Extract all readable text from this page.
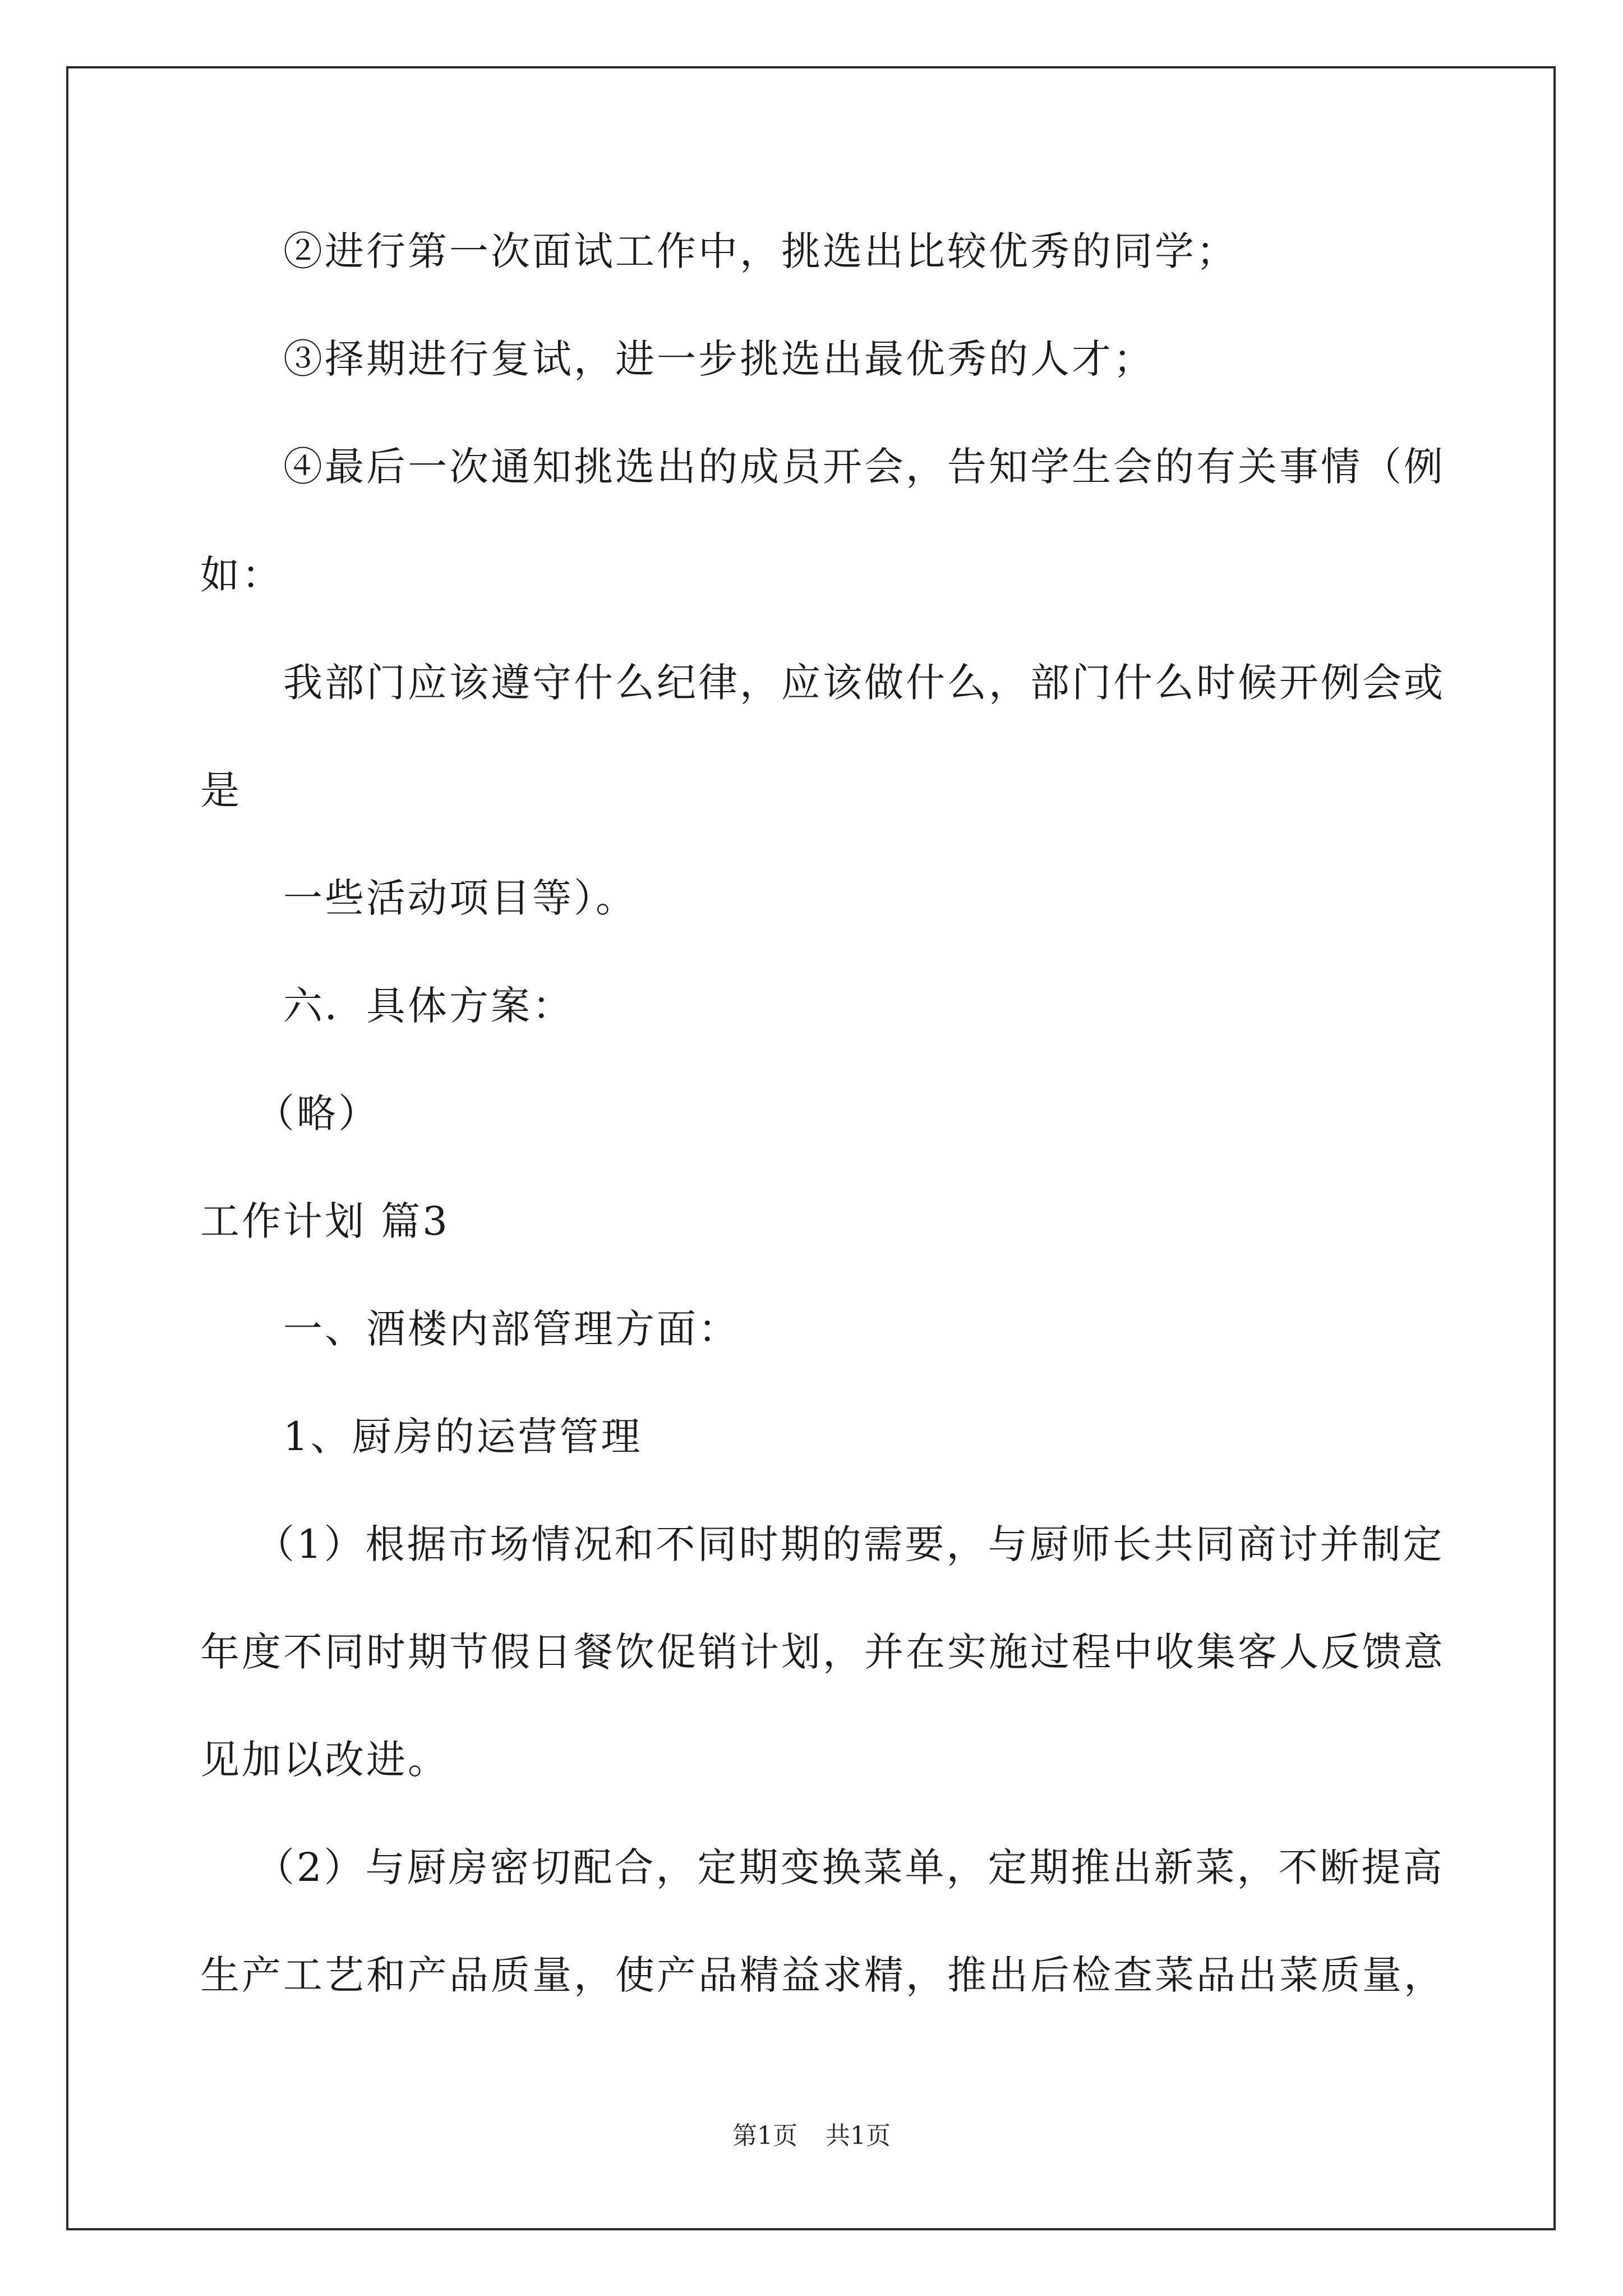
②进行第一次面试工作中，挑选出比较优秀的同学；
③择期进行复试，进一步挑选出最优秀的人才；
④最后一次通知挑选出的成员开会，告知学生会的有关事情（例
如：
我部门应该遵守什么纪律，应该做什么，部门什么时候开例会或
是
一些活动项目等）。
六．具体方案：
（略）
工作计划 篇3
一、酒楼内部管理方面：
1、厨房的运营管理
（1）根据市场情况和不同时期的需要，与厨师长共同商讨并制定
年度不同时期节假日餐饮促销计划，并在实施过程中收集客人反馈意
见加以改进。
（2）与厨房密切配合，定期变换菜单，定期推出新菜，不断提高
生产工艺和产品质量，使产品精益求精，推出后检查菜品出菜质量，
第1页 共1页
